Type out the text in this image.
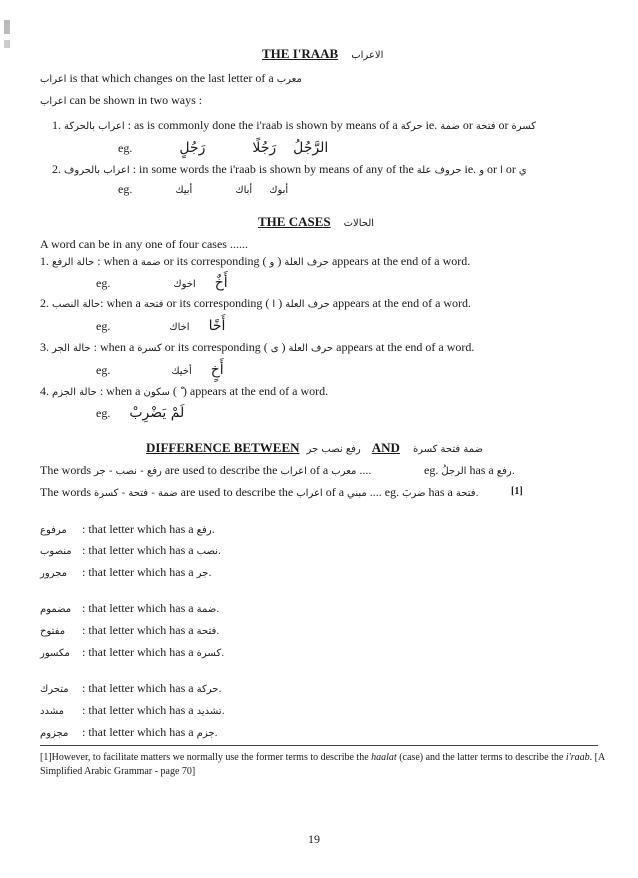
THE I'RAAB الاعراب
اعراب is that which changes on the last letter of a معرب
اعراب can be shown in two ways :
1. اعراب بالحركة : as is commonly done the i'raab is shown by means of a حركة ie. ضمة or فتحة or كسرة
eg.	الرَّجُلُ رَجُلًا رَجُلٍ
2. اعراب بالحروف : in some words the i'raab is shown by means of any of the حروف علة ie. و or ا or ي
eg.	أبوك أباك أبيك
THE CASES الحالات
A word can be in any one of four cases ......
1. حالة الرفع : when a ضمة or its corresponding حرف العلة ( و ) appears at the end of a word.
eg.	أَخٌ اخوك
2. حالة النصب: when a فتحة or its corresponding حرف العلة ( ا ) appears at the end of a word.
eg.	أَخًا اخاك
3. حالة الجر : when a كسرة or its corresponding حرف العلة ( ى ) appears at the end of a word.
eg.	أَخٍ أخيك
4. حالة الجزم : when a سكون ( ) appears at the end of a word.
eg. لَمْ يَضْرِبْ
DIFFERENCE BETWEEN رفع نصب جر AND ضمة فتحة كسرة
The words رفع - نصب - جر are used to describe the اعراب of a معرب ....	eg. الرجلُ has a رفع.
The words ضمة - فتحة - كسرة are used to describe the اعراب of a مبني .... eg. ضربَ has a فتحة.	[1]
مرفوع : that letter which has a رفع.
منصوب : that letter which has a نصب.
مجرور : that letter which has a جر.
مضموم : that letter which has a ضمة.
مفتوح : that letter which has a فتحة.
مكسور : that letter which has a كسرة.
متحرك : that letter which has a حركة.
مشدد : that letter which has a تشديد.
مجزوم : that letter which has a جزم.
[1]However, to facilitate matters we normally use the former terms to describe the haalat (case) and the latter terms to describe the i'raab. [A
Simplified Arabic Grammar - page 70]
19
